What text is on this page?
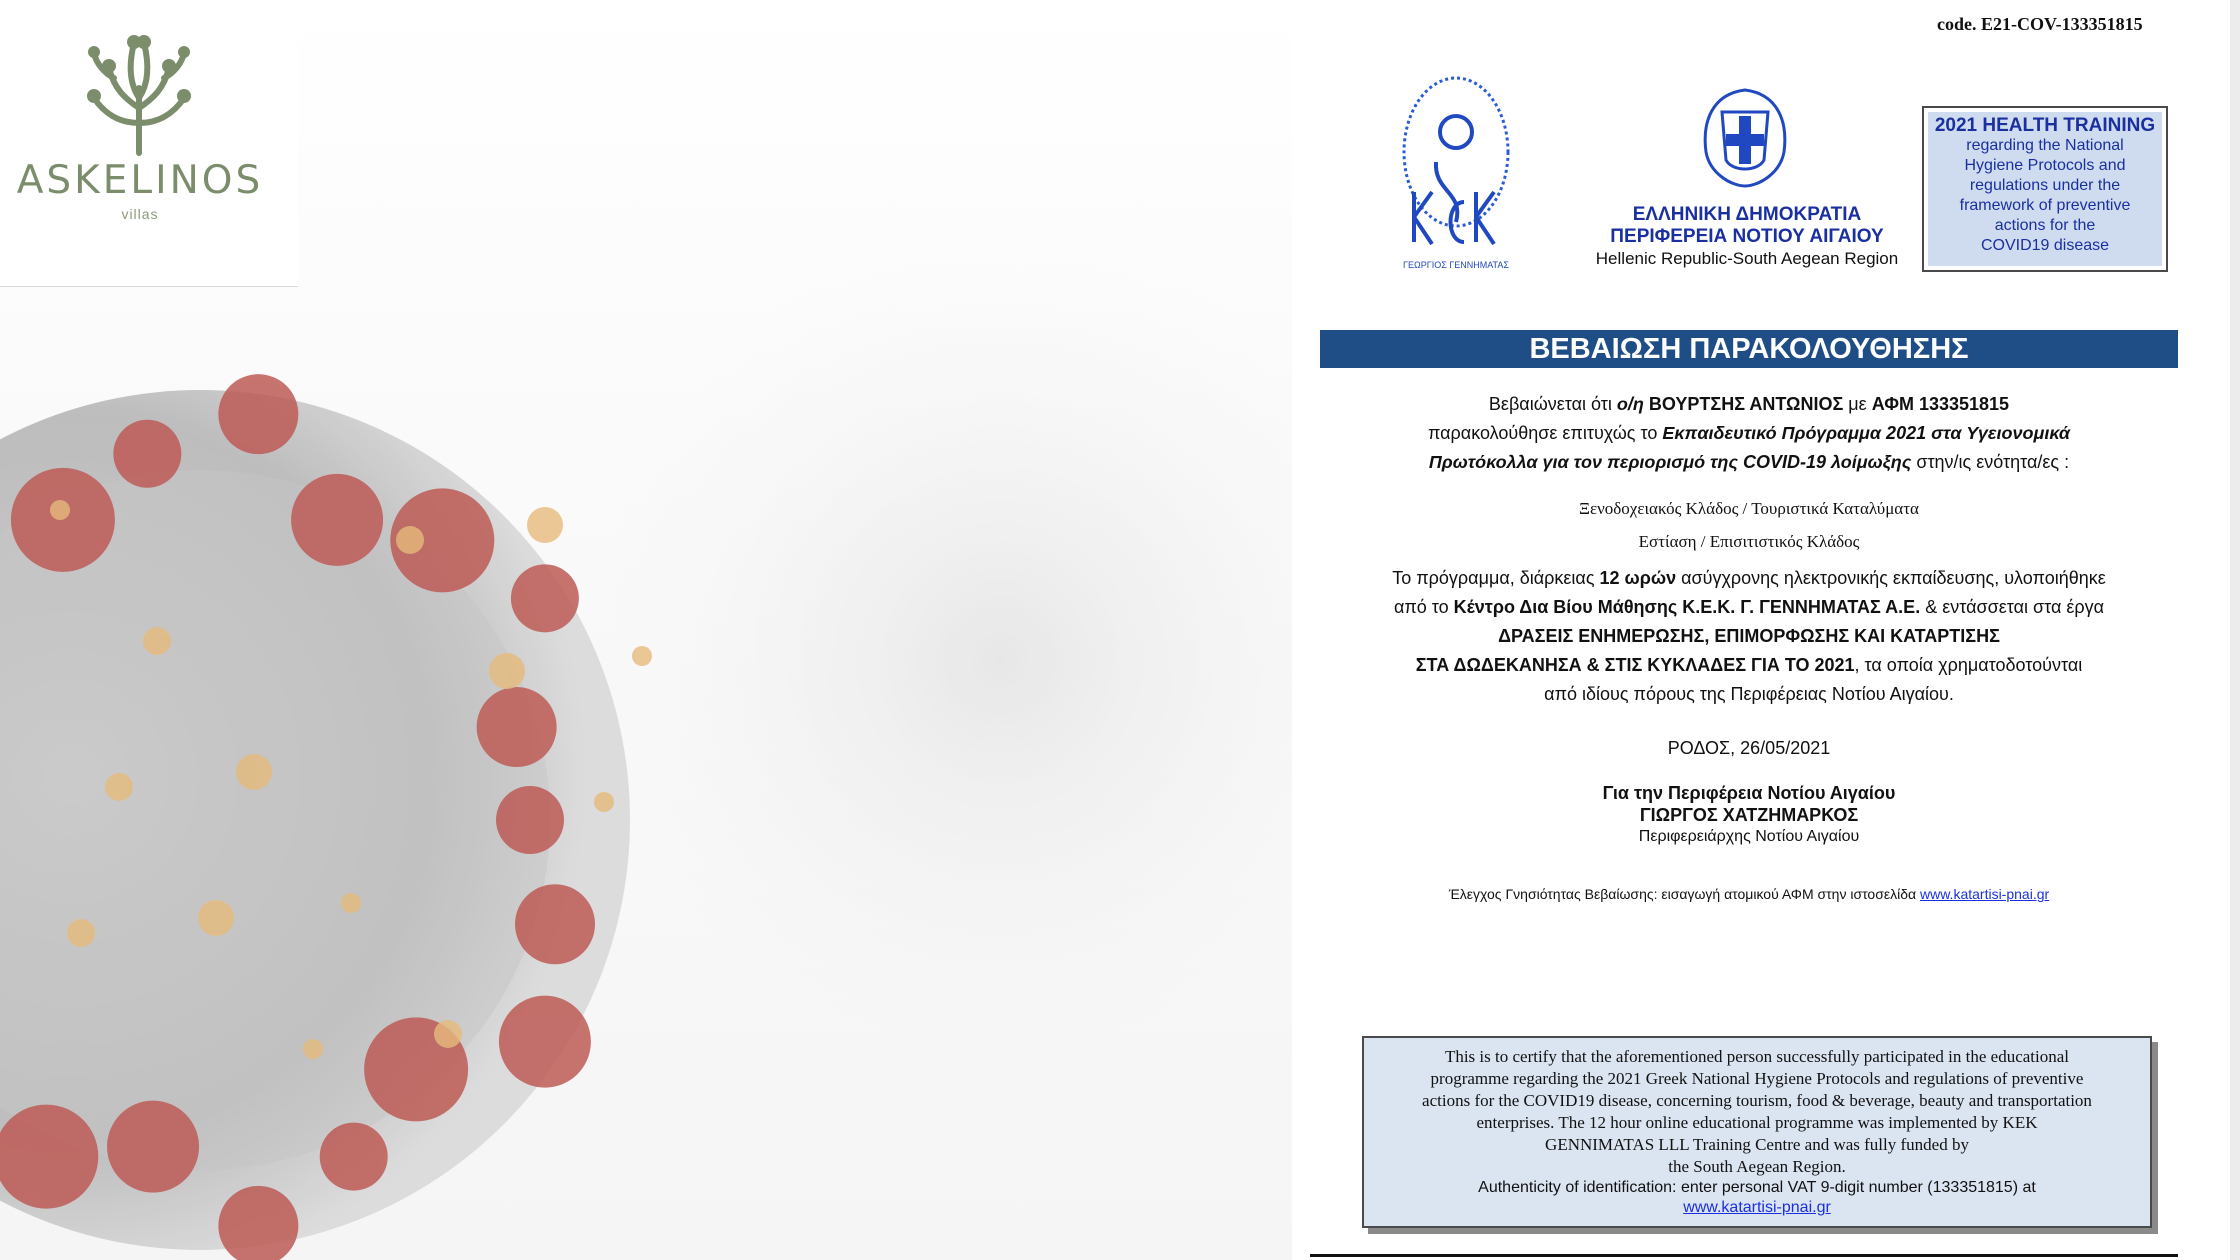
ASKELINOS
villas
code. E21-COV-133351815
ΓΕΩΡΓΙΟΣ ΓΕΝΝΗΜΑΤΑΣ
ΕΛΛΗΝΙΚΗ ΔΗΜΟΚΡΑΤΙΑ
ΠΕΡΙΦΕΡΕΙΑ ΝΟΤΙΟΥ ΑΙΓΑΙΟΥ
Hellenic Republic-South Aegean Region
2021 HEALTH TRAINING
regarding the National
Hygiene Protocols and
regulations under the
framework of preventive
actions for the
COVID19 disease
ΒΕΒΑΙΩΣΗ ΠΑΡΑΚΟΛΟΥΘΗΣΗΣ
Βεβαιώνεται ότι ο/η ΒΟΥΡΤΣΗΣ ΑΝΤΩΝΙΟΣ με ΑΦΜ 133351815
παρακολούθησε επιτυχώς το Εκπαιδευτικό Πρόγραμμα 2021 στα Υγειονομικά
Πρωτόκολλα για τον περιορισμό της COVID-19 λοίμωξης στην/ις ενότητα/ες :
Ξενοδοχειακός Κλάδος / Τουριστικά Καταλύματα
Εστίαση / Επισιτιστικός Κλάδος
Το πρόγραμμα, διάρκειας 12 ωρών ασύγχρονης ηλεκτρονικής εκπαίδευσης, υλοποιήθηκε
από το Κέντρο Δια Βίου Μάθησης Κ.Ε.Κ. Γ. ΓΕΝΝΗΜΑΤΑΣ Α.Ε. & εντάσσεται στα έργα
ΔΡΑΣΕΙΣ ΕΝΗΜΕΡΩΣΗΣ, ΕΠΙΜΟΡΦΩΣΗΣ ΚΑΙ ΚΑΤΑΡΤΙΣΗΣ
ΣΤΑ ΔΩΔΕΚΑΝΗΣΑ & ΣΤΙΣ ΚΥΚΛΑΔΕΣ ΓΙΑ ΤΟ 2021, τα οποία χρηματοδοτούνται
από ιδίους πόρους της Περιφέρειας Νοτίου Αιγαίου.
ΡΟΔΟΣ, 26/05/2021
Για την Περιφέρεια Νοτίου Αιγαίου
ΓΙΩΡΓΟΣ ΧΑΤΖΗΜΑΡΚΟΣ
Περιφερειάρχης Νοτίου Αιγαίου
Έλεγχος Γνησιότητας Βεβαίωσης: εισαγωγή ατομικού ΑΦΜ στην ιστοσελίδα www.katartisi-pnai.gr
This is to certify that the aforementioned person successfully participated in the educational
programme regarding the 2021 Greek National Hygiene Protocols and regulations of preventive
actions for the COVID19 disease, concerning tourism, food & beverage, beauty and transportation
enterprises. The 12 hour online educational programme was implemented by KEK
GENNIMATAS LLL Training Centre and was fully funded by
the South Aegean Region.
Authenticity of identification: enter personal VAT 9-digit number (133351815) at
www.katartisi-pnai.gr
